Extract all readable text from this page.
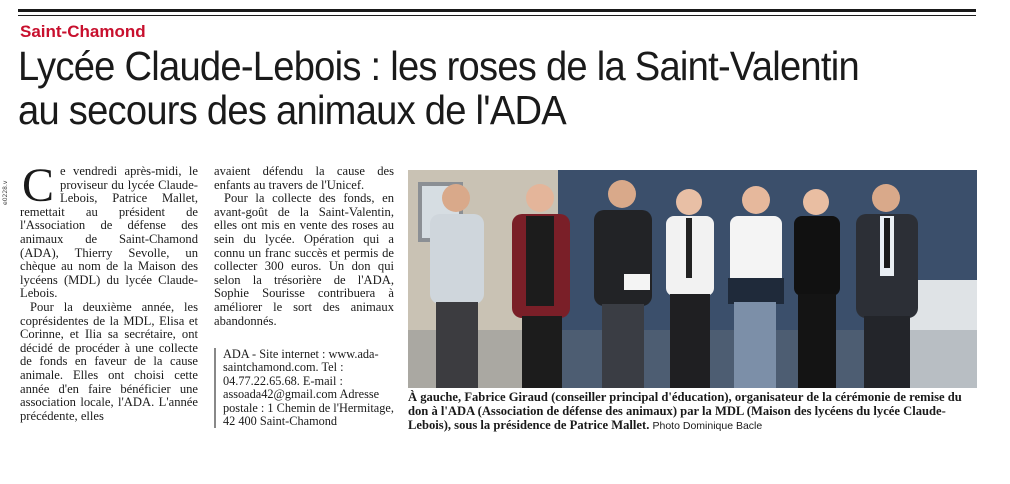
Saint-Chamond
Lycée Claude-Lebois : les roses de la Saint-Valentin
au secours des animaux de l'ADA
e0228.v Ce vendredi après-midi, le proviseur du lycée Claude-Lebois, Patrice Mallet, remettait au président de l'Association de défense des animaux de Saint-Chamond (ADA), Thierry Sevolle, un chèque au nom de la Maison des lycéens (MDL) du lycée Claude-Lebois.

Pour la deuxième année, les coprésidentes de la MDL, Elisa et Corinne, et Ilia sa secrétaire, ont décidé de procéder à une collecte de fonds en faveur de la cause animale. Elles ont choisi cette année d'en faire bénéficier une association locale, l'ADA. L'année précédente, elles

avaient défendu la cause des enfants au travers de l'Unicef.

Pour la collecte des fonds, en avant-goût de la Saint-Valentin, elles ont mis en vente des roses au sein du lycée. Opération qui a connu un franc succès et permis de collecter 300 euros. Un don qui selon la trésorière de l'ADA, Sophie Sourisse contribuera à améliorer le sort des animaux abandonnés.

ADA - Site internet : www.ada-saintchamond.com. Tel : 04.77.22.65.68. E-mail : assoada42@gmail.com Adresse postale : 1 Chemin de l'Hermitage, 42 400 Saint-Chamond
À gauche, Fabrice Giraud (conseiller principal d'éducation), organisateur de la cérémonie de remise du don à l'ADA (Association de défense des animaux) par la MDL (Maison des lycéens du lycée Claude-Lebois), sous la présidence de Patrice Mallet. Photo Dominique Bacle
